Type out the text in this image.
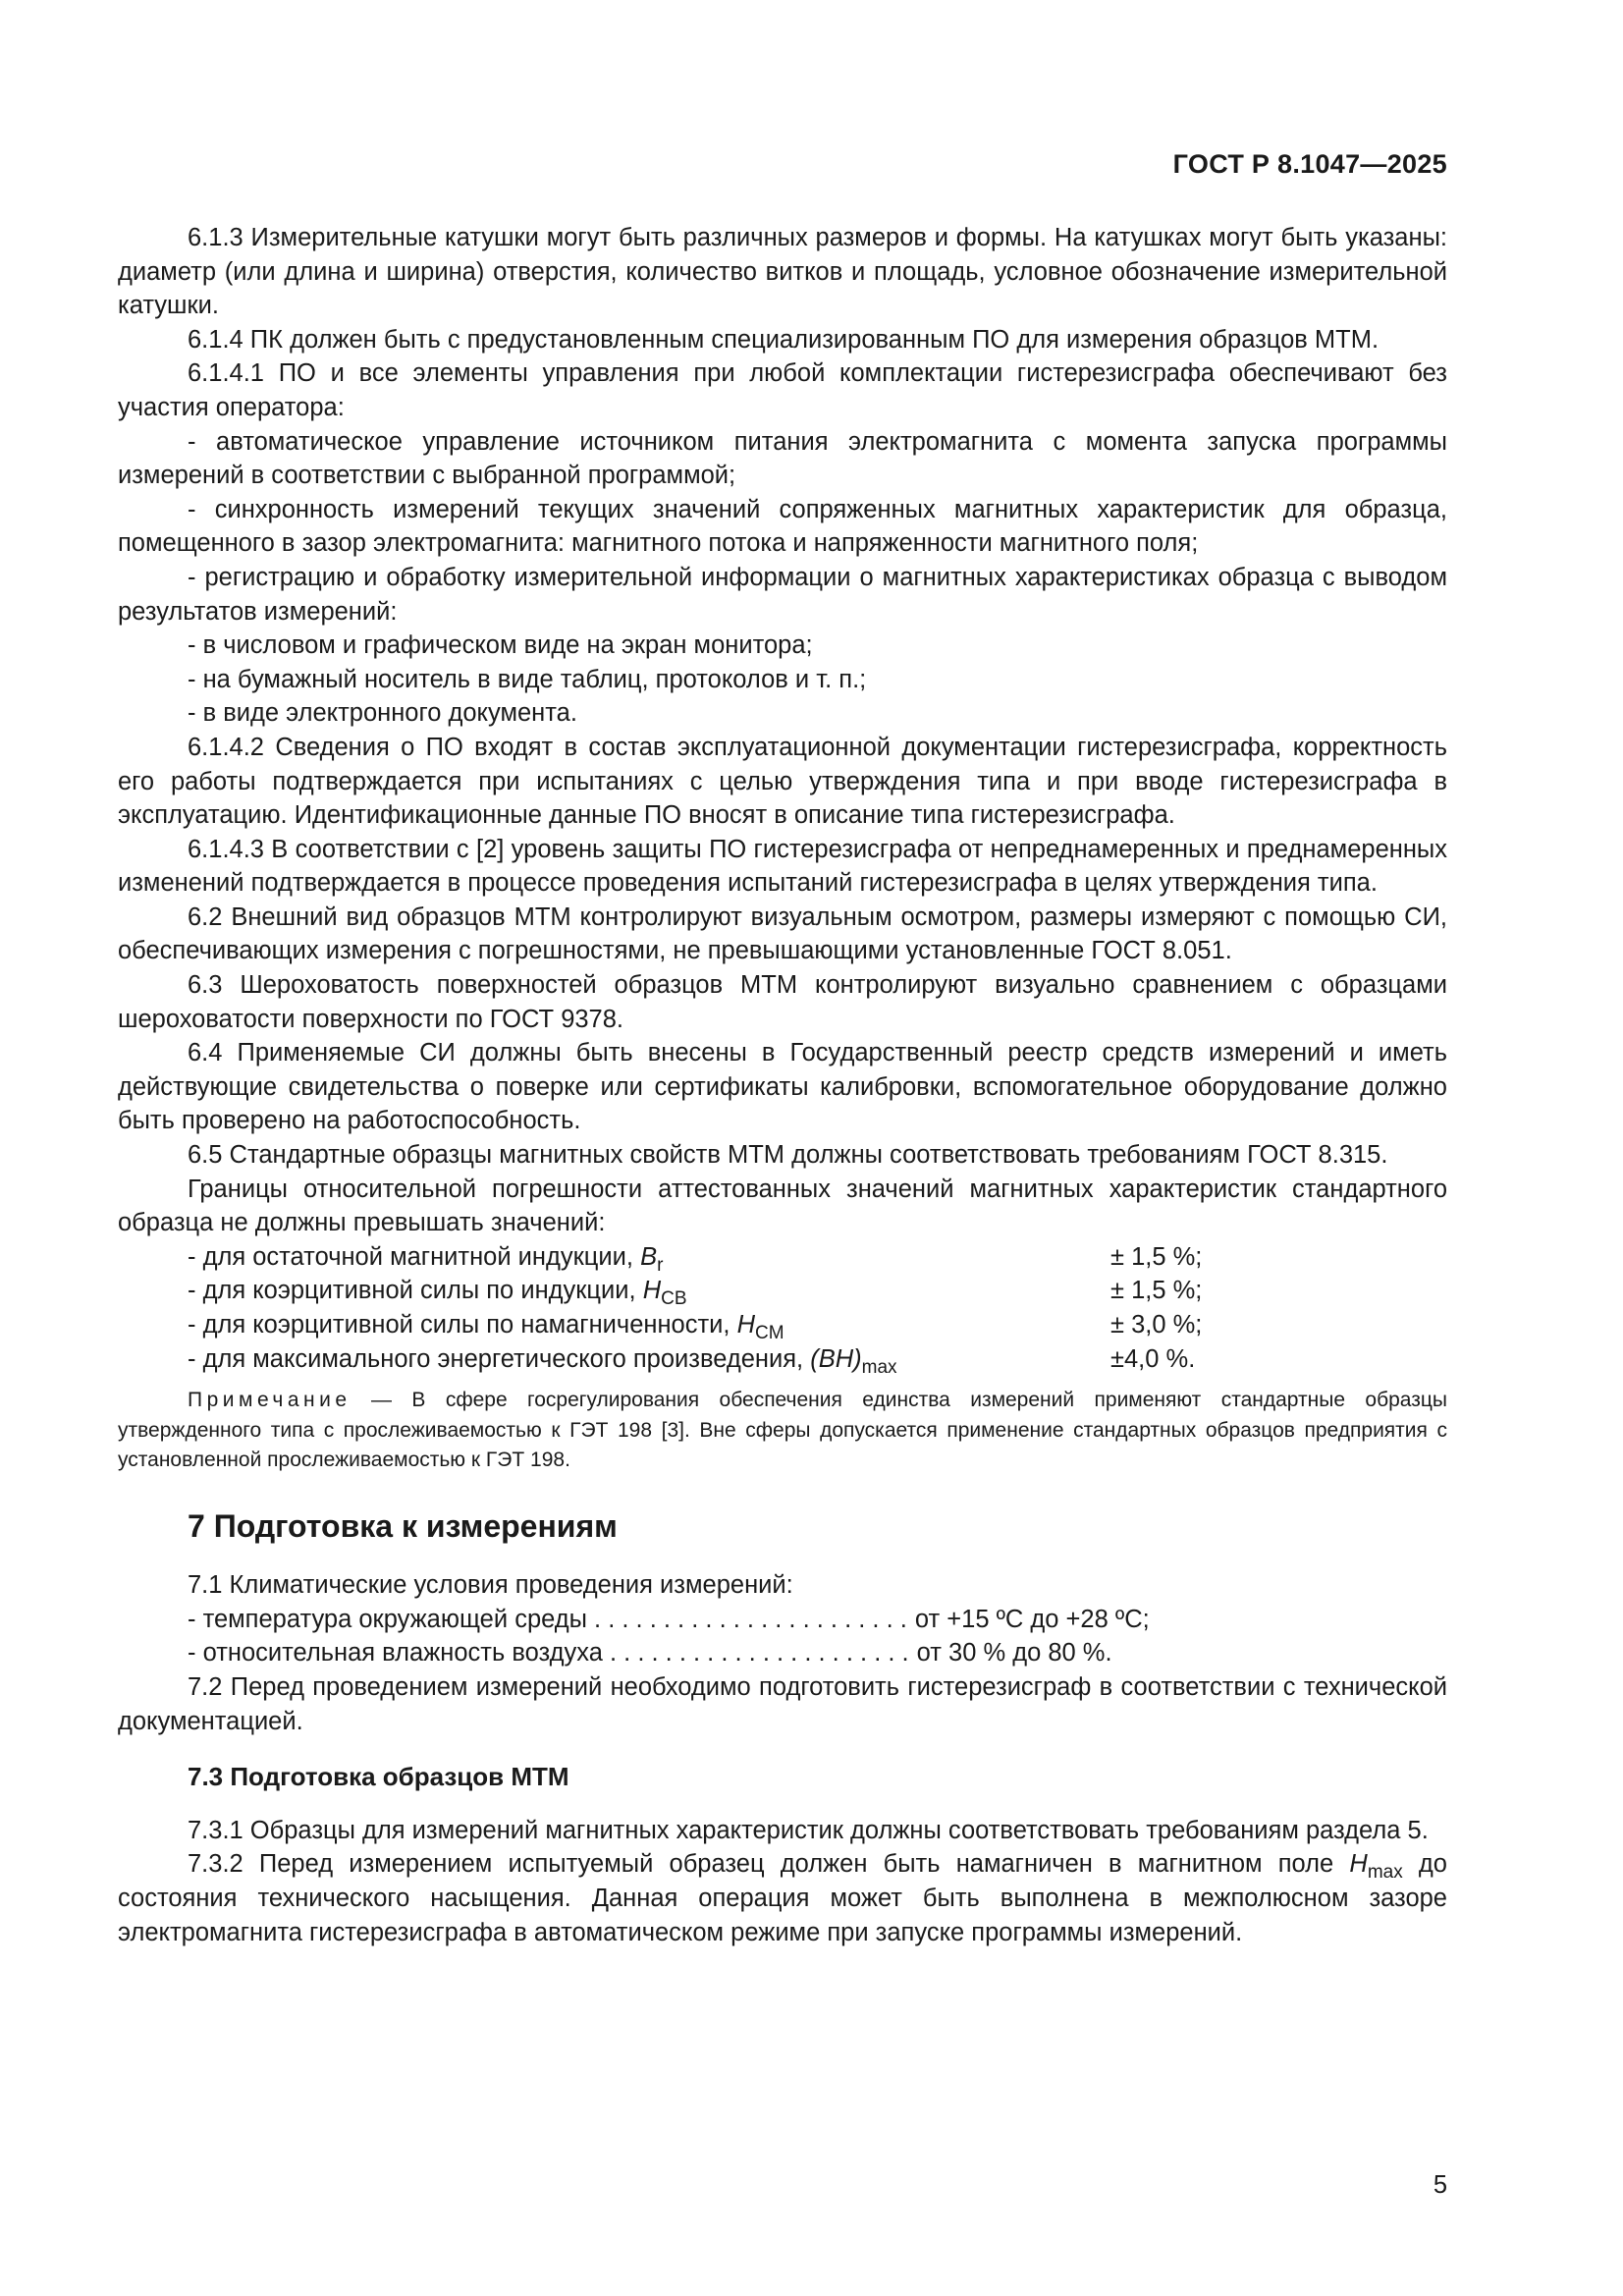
ГОСТ Р 8.1047—2025

6.1.3 Измерительные катушки могут быть различных размеров и формы. На катушках могут быть указаны: диаметр (или длина и ширина) отверстия, количество витков и площадь, условное обозначение измерительной катушки.

6.1.4 ПК должен быть с предустановленным специализированным ПО для измерения образцов МТМ.

6.1.4.1 ПО и все элементы управления при любой комплектации гистерезисграфа обеспечивают без участия оператора:

- автоматическое управление источником питания электромагнита с момента запуска программы измерений в соответствии с выбранной программой;

- синхронность измерений текущих значений сопряженных магнитных характеристик для образца, помещенного в зазор электромагнита: магнитного потока и напряженности магнитного поля;

- регистрацию и обработку измерительной информации о магнитных характеристиках образца с выводом результатов измерений:

- в числовом и графическом виде на экран монитора;

- на бумажный носитель в виде таблиц, протоколов и т. п.;

- в виде электронного документа.

6.1.4.2 Сведения о ПО входят в состав эксплуатационной документации гистерезисграфа, корректность его работы подтверждается при испытаниях с целью утверждения типа и при вводе гистерезисграфа в эксплуатацию. Идентификационные данные ПО вносят в описание типа гистерезисграфа.

6.1.4.3 В соответствии с [2] уровень защиты ПО гистерезисграфа от непреднамеренных и преднамеренных изменений подтверждается в процессе проведения испытаний гистерезисграфа в целях утверждения типа.

6.2 Внешний вид образцов МТМ контролируют визуальным осмотром, размеры измеряют с помощью СИ, обеспечивающих измерения с погрешностями, не превышающими установленные ГОСТ 8.051.

6.3 Шероховатость поверхностей образцов МТМ контролируют визуально сравнением с образцами шероховатости поверхности по ГОСТ 9378.

6.4 Применяемые СИ должны быть внесены в Государственный реестр средств измерений и иметь действующие свидетельства о поверке или сертификаты калибровки, вспомогательное оборудование должно быть проверено на работоспособность.

6.5 Стандартные образцы магнитных свойств МТМ должны соответствовать требованиям ГОСТ 8.315.

Границы относительной погрешности аттестованных значений магнитных характеристик стандартного образца не должны превышать значений:

- для остаточной магнитной индукции, $B_r$	± 1,5 %;
- для коэрцитивной силы по индукции, $H_{CB}$	± 1,5 %;
- для коэрцитивной силы по намагниченности, $H_{CM}$	± 3,0 %;
- для максимального энергетического произведения, $(BH)_{max}$	±4,0 %.

Примечание — В сфере госрегулирования обеспечения единства измерений применяют стандартные образцы утвержденного типа с прослеживаемостью к ГЭТ 198 [3]. Вне сферы допускается применение стандартных образцов предприятия с установленной прослеживаемостью к ГЭТ 198.

7 Подготовка к измерениям

7.1 Климатические условия проведения измерений:

- температура окружающей среды . . . . . . . . . . . . . . . . . . . . . . . от +15 ºC до +28 ºC;
- относительная влажность воздуха . . . . . . . . . . . . . . . . . . . . . . от 30 % до 80 %.

7.2 Перед проведением измерений необходимо подготовить гистерезисграф в соответствии с технической документацией.

7.3 Подготовка образцов МТМ

7.3.1 Образцы для измерений магнитных характеристик должны соответствовать требованиям раздела 5.

7.3.2 Перед измерением испытуемый образец должен быть намагничен в магнитном поле $H_{max}$ до состояния технического насыщения. Данная операция может быть выполнена в межполюсном зазоре электромагнита гистерезисграфа в автоматическом режиме при запуске программы измерений.

5
